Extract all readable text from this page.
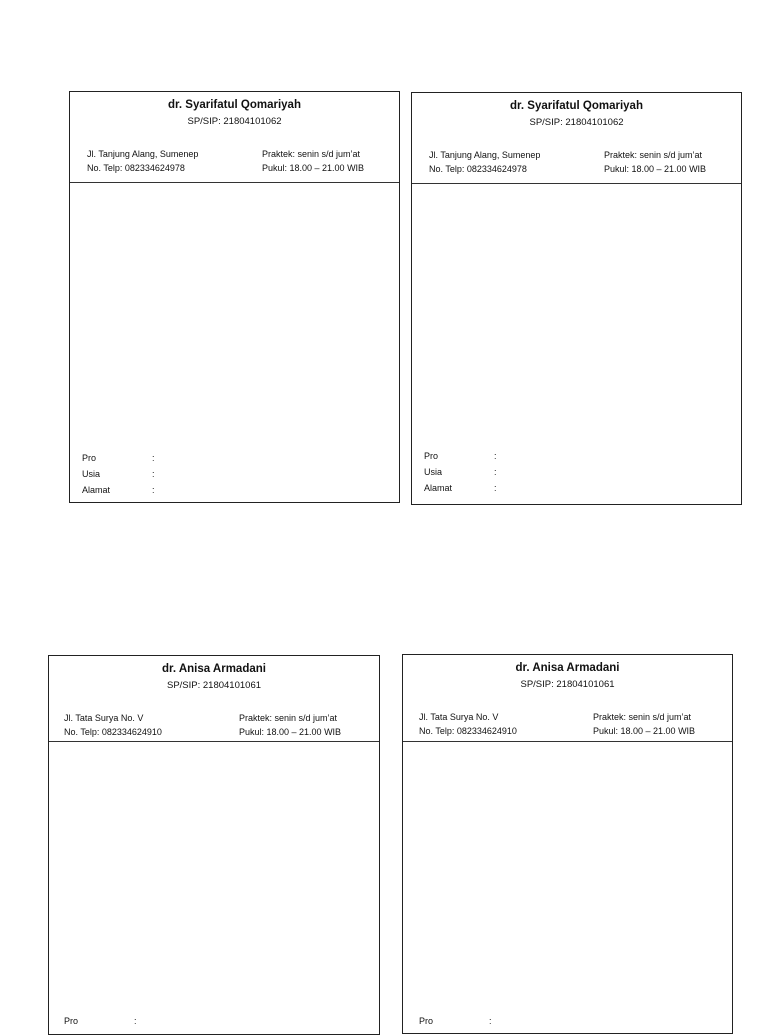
dr. Syarifatul Qomariyah
SP/SIP: 21804101062
Jl. Tanjung Alang, Sumenep
No. Telp: 082334624978
Praktek: senin s/d jum’at
Pukul: 18.00 – 21.00 WIB
Pro	:
Usia	:
Alamat	:
dr. Syarifatul Qomariyah
SP/SIP: 21804101062
Jl. Tanjung Alang, Sumenep
No. Telp: 082334624978
Praktek: senin s/d jum’at
Pukul: 18.00 – 21.00 WIB
Pro	:
Usia	:
Alamat	:
dr. Anisa Armadani
SP/SIP: 21804101061
Jl. Tata Surya No. V
No. Telp: 082334624910
Praktek: senin s/d jum’at
Pukul: 18.00 – 21.00 WIB
Pro	:
dr. Anisa Armadani
SP/SIP: 21804101061
Jl. Tata Surya No. V
No. Telp: 082334624910
Praktek: senin s/d jum’at
Pukul: 18.00 – 21.00 WIB
Pro	:
